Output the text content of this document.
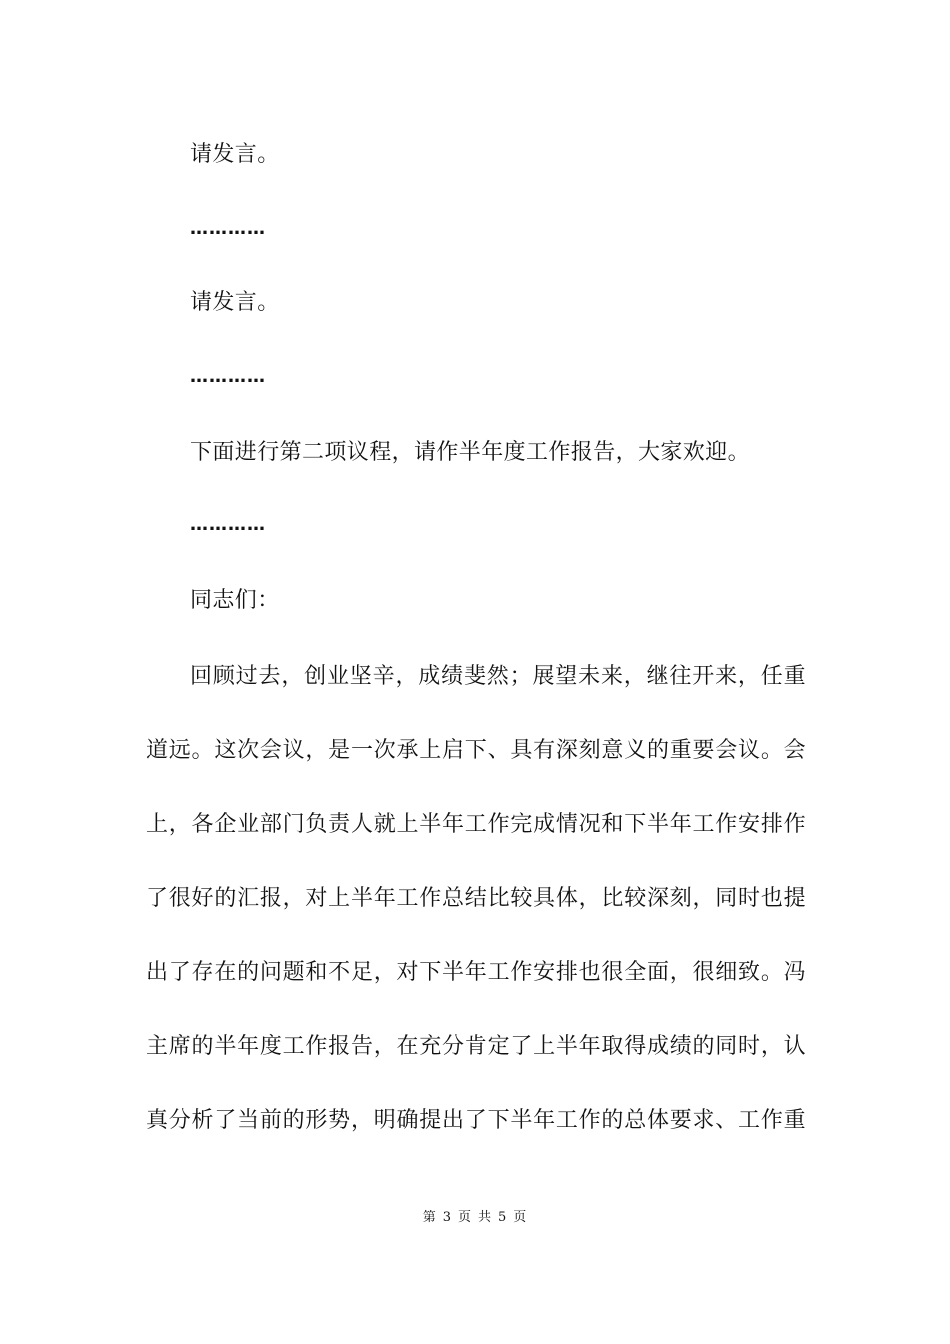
请发言。
…………
请发言。
…………
下面进行第二项议程，请作半年度工作报告，大家欢迎。
…………
同志们：
回顾过去，创业坚辛，成绩斐然；展望未来，继往开来，任重
道远。这次会议，是一次承上启下、具有深刻意义的重要会议。会
上，各企业部门负责人就上半年工作完成情况和下半年工作安排作
了很好的汇报，对上半年工作总结比较具体，比较深刻，同时也提
出了存在的问题和不足，对下半年工作安排也很全面，很细致。冯
主席的半年度工作报告，在充分肯定了上半年取得成绩的同时，认
真分析了当前的形势，明确提出了下半年工作的总体要求、工作重
第 3 页 共 5 页
